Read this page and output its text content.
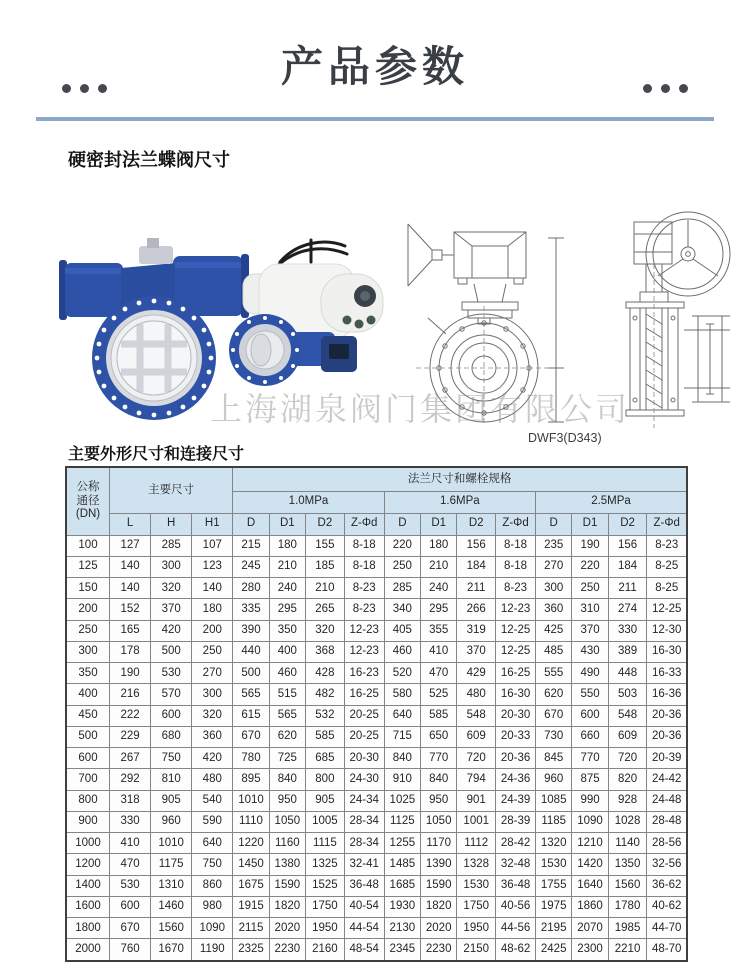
产品参数
硬密封法兰蝶阀尺寸
上海湖泉阀门集团有限公司
DWF3(D343)
主要外形尺寸和连接尺寸
公称
通径
(DN)	主要尺寸			法兰尺寸和螺栓规格											
				1.0MPa				1.6MPa				2.5MPa			
	L	H	H1	D	D1	D2	Z-Φd	D	D1	D2	Z-Φd	D	D1	D2	Z-Φd
100	127	285	107	215	180	155	8-18	220	180	156	8-18	235	190	156	8-23
125	140	300	123	245	210	185	8-18	250	210	184	8-18	270	220	184	8-25
150	140	320	140	280	240	210	8-23	285	240	211	8-23	300	250	211	8-25
200	152	370	180	335	295	265	8-23	340	295	266	12-23	360	310	274	12-25
250	165	420	200	390	350	320	12-23	405	355	319	12-25	425	370	330	12-30
300	178	500	250	440	400	368	12-23	460	410	370	12-25	485	430	389	16-30
350	190	530	270	500	460	428	16-23	520	470	429	16-25	555	490	448	16-33
400	216	570	300	565	515	482	16-25	580	525	480	16-30	620	550	503	16-36
450	222	600	320	615	565	532	20-25	640	585	548	20-30	670	600	548	20-36
500	229	680	360	670	620	585	20-25	715	650	609	20-33	730	660	609	20-36
600	267	750	420	780	725	685	20-30	840	770	720	20-36	845	770	720	20-39
700	292	810	480	895	840	800	24-30	910	840	794	24-36	960	875	820	24-42
800	318	905	540	1010	950	905	24-34	1025	950	901	24-39	1085	990	928	24-48
900	330	960	590	1110	1050	1005	28-34	1125	1050	1001	28-39	1185	1090	1028	28-48
1000	410	1010	640	1220	1160	1115	28-34	1255	1170	1112	28-42	1320	1210	1140	28-56
1200	470	1175	750	1450	1380	1325	32-41	1485	1390	1328	32-48	1530	1420	1350	32-56
1400	530	1310	860	1675	1590	1525	36-48	1685	1590	1530	36-48	1755	1640	1560	36-62
1600	600	1460	980	1915	1820	1750	40-54	1930	1820	1750	40-56	1975	1860	1780	40-62
1800	670	1560	1090	2115	2020	1950	44-54	2130	2020	1950	44-56	2195	2070	1985	44-70
2000	760	1670	1190	2325	2230	2160	48-54	2345	2230	2150	48-62	2425	2300	2210	48-70
